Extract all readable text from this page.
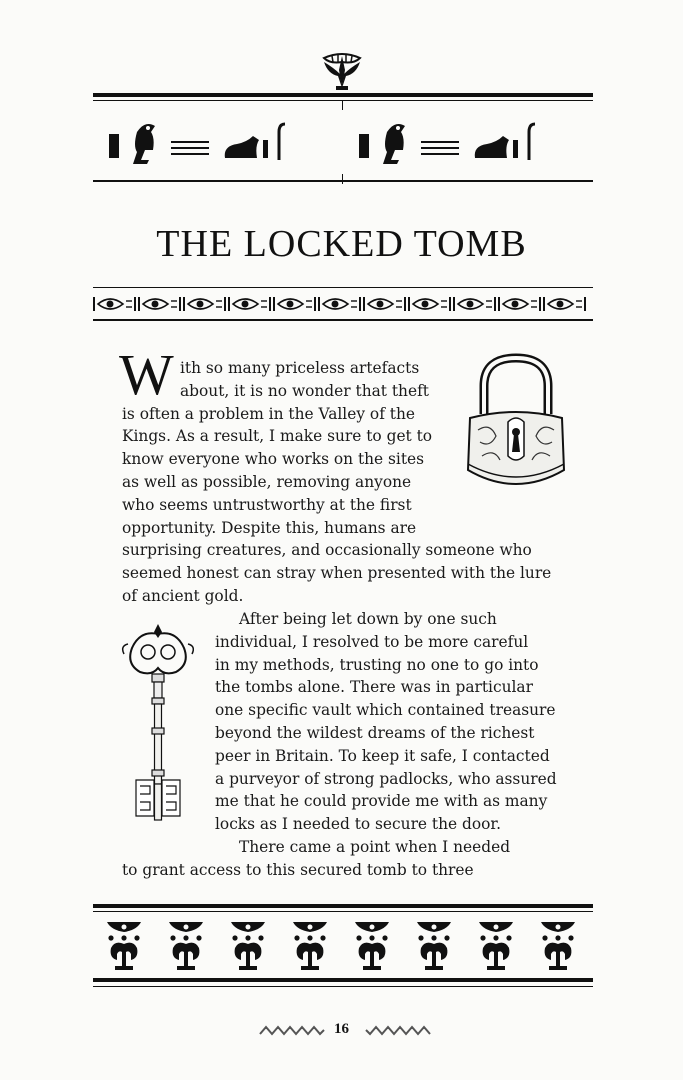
THE LOCKED TOMB
W ith so many priceless artefacts
about, it is no wonder that theft
is often a problem in the Valley of the
Kings. As a result, I make sure to get to
know everyone who works on the sites
as well as possible, removing anyone
who seems untrustworthy at the first
opportunity. Despite this, humans are
surprising creatures, and occasionally someone who
seemed honest can stray when presented with the lure
of ancient gold.
After being let down by one such
individual, I resolved to be more careful
in my methods, trusting no one to go into
the tombs alone. There was in particular
one specific vault which contained treasure
beyond the wildest dreams of the richest
peer in Britain. To keep it safe, I contacted
a purveyor of strong padlocks, who assured
me that he could provide me with as many
locks as I needed to secure the door.
There came a point when I needed
to grant access to this secured tomb to three
16
